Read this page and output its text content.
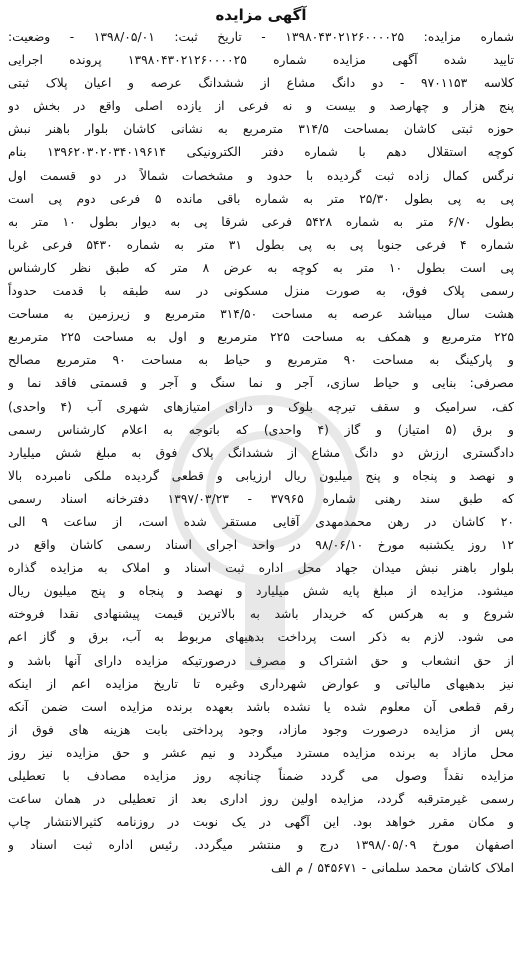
آگهی مزایده
شماره مزایده: ۱۳۹۸۰۴۳۰۲۱۲۶۰۰۰۰۲۵ - تاریخ ثبت: ۱۳۹۸/۰۵/۰۱ - وضعیت:
تایید شده آگهی مزایده شماره ۱۳۹۸۰۴۳۰۲۱۲۶۰۰۰۰۲۵ پرونده اجرایی
کلاسه ۹۷۰۱۱۵۳ - دو دانگ مشاع از ششدانگ عرصه و اعیان پلاک ثبتی
پنج هزار و چهارصد و بیست و نه فرعی از یازده اصلی واقع در بخش دو
حوزه ثبتی کاشان بمساحت ۳۱۴/۵ مترمربع به نشانی کاشان بلوار باهنر نبش
کوچه استقلال دهم با شماره دفتر الکترونیکی ۱۳۹۶۲۰۳۰۲۰۳۴۰۱۹۶۱۴ بنام
نرگس کمال زاده ثبت گردیده با حدود و مشخصات شمالاً در دو قسمت اول
پی به پی بطول ۲۵/۳۰ متر به شماره باقی مانده ۵ فرعی دوم پی است
بطول ۶/۷۰ متر به شماره ۵۴۲۸ فرعی شرقا پی به دیوار بطول ۱۰ متر به
شماره ۴ فرعی جنوبا پی به پی بطول ۳۱ متر به شماره ۵۴۳۰ فرعی غربا
پی است بطول ۱۰ متر به کوچه به عرض ۸ متر که طبق نظر کارشناس
رسمی پلاک فوق، به صورت منزل مسکونی در سه طبقه با قدمت حدوداً
هشت سال میباشد عرصه به مساحت ۳۱۴/۵۰ مترمربع و زیرزمین به مساحت
۲۲۵ مترمربع و همکف به مساحت ۲۲۵ مترمربع و اول به مساحت ۲۲۵ مترمربع
و پارکینگ به مساحت ۹۰ مترمربع و حیاط به مساحت ۹۰ مترمربع مصالح
مصرفی: بنایی و حیاط سازی، آجر و نما سنگ و آجر و قسمتی فاقد نما و
کف، سرامیک و سقف تیرچه بلوک و دارای امتیازهای شهری آب (۴ واحدی)
و برق (۵ امتیاز) و گاز (۴ واحدی) که باتوجه به اعلام کارشناس رسمی
دادگستری ارزش دو دانگ مشاع از ششدانگ پلاک فوق به مبلغ شش میلیارد
و نهصد و پنجاه و پنج میلیون ریال ارزیابی و قطعی گردیده ملکی نامبرده بالا
که طبق سند رهنی شماره ۳۷۹۶۵ - ۱۳۹۷/۰۳/۲۳ دفترخانه اسناد رسمی
۲۰ کاشان در رهن محمدمهدی آقایی مستقر شده است، از ساعت ۹ الی
۱۲ روز یکشنبه مورخ ۹۸/۰۶/۱۰ در واحد اجرای اسناد رسمی کاشان واقع در
بلوار باهنر نبش میدان جهاد محل اداره ثبت اسناد و املاک به مزایده گذاره
میشود. مزایده از مبلغ پایه شش میلیارد و نهصد و پنجاه و پنج میلیون ریال
شروع و به هرکس که خریدار باشد به بالاترین قیمت پیشنهادی نقدا فروخته
می شود. لازم به ذکر است پرداخت بدهیهای مربوط به آب، برق و گاز اعم
از حق انشعاب و حق اشتراک و مصرف درصورتیکه مزایده دارای آنها باشد و
نیز بدهیهای مالیاتی و عوارض شهرداری وغیره تا تاریخ مزایده اعم از اینکه
رقم قطعی آن معلوم شده یا نشده باشد بعهده برنده مزایده است ضمن آنکه
پس از مزایده درصورت وجود مازاد، وجود پرداختی بابت هزینه های فوق از
محل مازاد به برنده مزایده مسترد میگردد و نیم عشر و حق مزایده نیز روز
مزایده نقداً وصول می گردد ضمناً چنانچه روز مزایده مصادف با تعطیلی
رسمی غیرمترقبه گردد، مزایده اولین روز اداری بعد از تعطیلی در همان ساعت
و مکان مقرر خواهد بود. این آگهی در یک نوبت در روزنامه کثیرالانتشار چاپ
اصفهان مورخ ۱۳۹۸/۰۵/۰۹ درج و منتشر میگردد. رئیس اداره ثبت اسناد و
املاک کاشان محمد سلمانی - ۵۴۵۶۷۱ / م الف
